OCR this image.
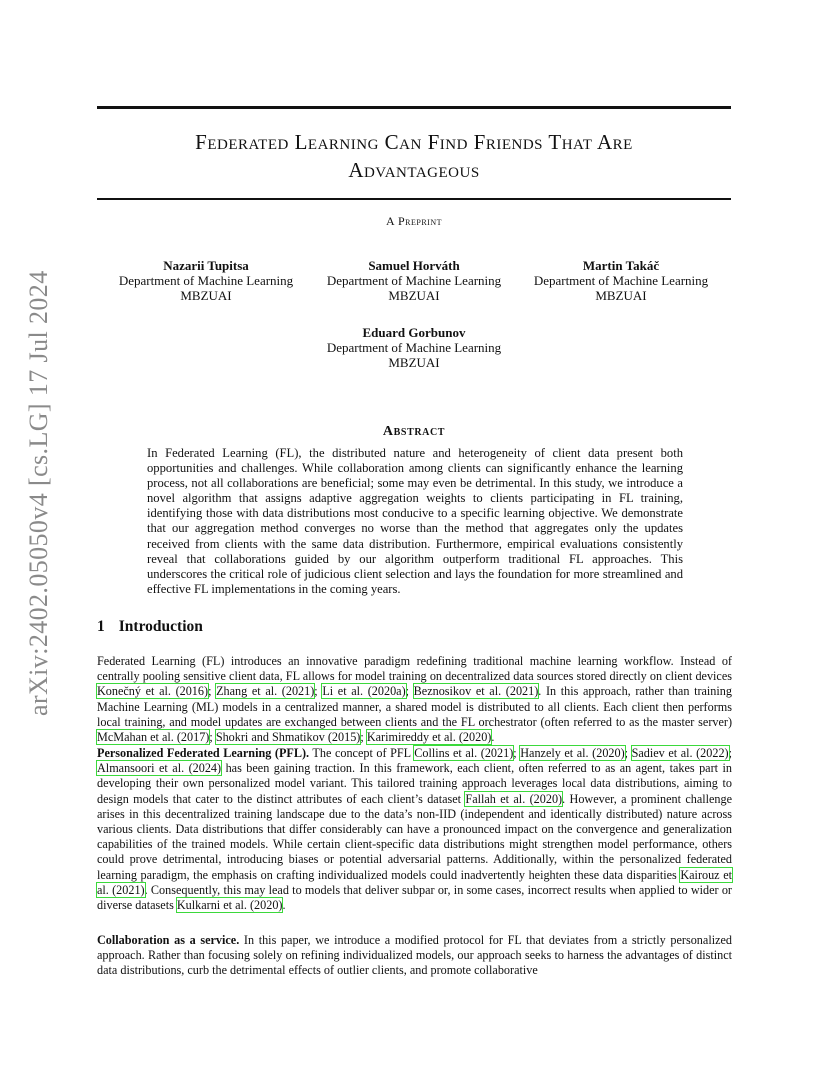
arXiv:2402.05050v4 [cs.LG] 17 Jul 2024
Federated Learning Can Find Friends That Are
Advantageous
A Preprint
Nazarii Tupitsa
Department of Machine Learning
MBZUAI
Samuel Horváth
Department of Machine Learning
MBZUAI
Martin Takáč
Department of Machine Learning
MBZUAI
Eduard Gorbunov
Department of Machine Learning
MBZUAI
Abstract
In Federated Learning (FL), the distributed nature and heterogeneity of client data present both opportunities and challenges. While collaboration among clients can significantly enhance the learning process, not all collaborations are beneficial; some may even be detrimental. In this study, we introduce a novel algorithm that assigns adaptive aggregation weights to clients participating in FL training, identifying those with data distributions most conducive to a specific learning objective. We demonstrate that our aggregation method converges no worse than the method that aggregates only the updates received from clients with the same data distribution. Furthermore, empirical evaluations consistently reveal that collaborations guided by our algorithm outperform traditional FL approaches. This underscores the critical role of judicious client selection and lays the foundation for more streamlined and effective FL implementations in the coming years.
1 Introduction
Federated Learning (FL) introduces an innovative paradigm redefining traditional machine learning workflow. Instead of centrally pooling sensitive client data, FL allows for model training on decentralized data sources stored directly on client devices Konečný et al. (2016); Zhang et al. (2021); Li et al. (2020a); Beznosikov et al. (2021). In this approach, rather than training Machine Learning (ML) models in a centralized manner, a shared model is distributed to all clients. Each client then performs local training, and model updates are exchanged between clients and the FL orchestrator (often referred to as the master server) McMahan et al. (2017); Shokri and Shmatikov (2015); Karimireddy et al. (2020).
Personalized Federated Learning (PFL). The concept of PFL Collins et al. (2021); Hanzely et al. (2020); Sadiev et al. (2022); Almansoori et al. (2024) has been gaining traction. In this framework, each client, often referred to as an agent, takes part in developing their own personalized model variant. This tailored training approach leverages local data distributions, aiming to design models that cater to the distinct attributes of each client’s dataset Fallah et al. (2020). However, a prominent challenge arises in this decentralized training landscape due to the data’s non-IID (independent and identically distributed) nature across various clients. Data distributions that differ considerably can have a pronounced impact on the convergence and generalization capabilities of the trained models. While certain client-specific data distributions might strengthen model performance, others could prove detrimental, introducing biases or potential adversarial patterns. Additionally, within the personalized federated learning paradigm, the emphasis on crafting individualized models could inadvertently heighten these data disparities Kairouz et al. (2021). Consequently, this may lead to models that deliver subpar or, in some cases, incorrect results when applied to wider or diverse datasets Kulkarni et al. (2020).
Collaboration as a service. In this paper, we introduce a modified protocol for FL that deviates from a strictly personalized approach. Rather than focusing solely on refining individualized models, our approach seeks to harness the advantages of distinct data distributions, curb the detrimental effects of outlier clients, and promote collaborative
